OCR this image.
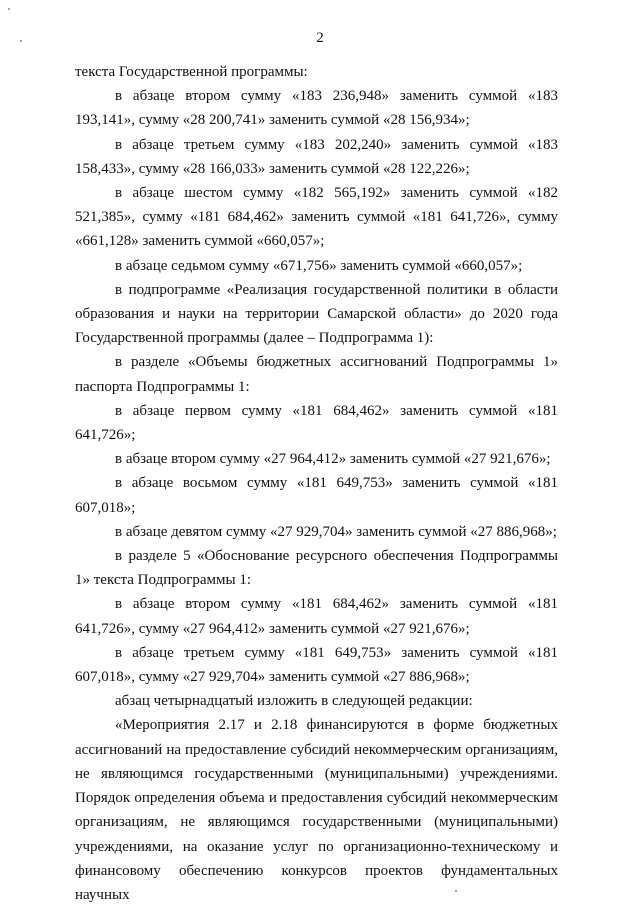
2

текста Государственной программы:

в абзаце втором сумму «183 236,948» заменить суммой «183 193,141», сумму «28 200,741» заменить суммой «28 156,934»;

в абзаце третьем сумму «183 202,240» заменить суммой «183 158,433», сумму «28 166,033» заменить суммой «28 122,226»;

в абзаце шестом сумму «182 565,192» заменить суммой «182 521,385», сумму «181 684,462» заменить суммой «181 641,726», сумму «661,128» заменить суммой «660,057»;

в абзаце седьмом сумму «671,756» заменить суммой «660,057»;

в подпрограмме «Реализация государственной политики в области образования и науки на территории Самарской области» до 2020 года Государственной программы (далее – Подпрограмма 1):

в разделе «Объемы бюджетных ассигнований Подпрограммы 1» паспорта Подпрограммы 1:

в абзаце первом сумму «181 684,462» заменить суммой «181 641,726»;

в абзаце втором сумму «27 964,412» заменить суммой «27 921,676»;

в абзаце восьмом сумму «181 649,753» заменить суммой «181 607,018»;

в абзаце девятом сумму «27 929,704» заменить суммой «27 886,968»;

в разделе 5 «Обоснование ресурсного обеспечения Подпрограммы 1» текста Подпрограммы 1:

в абзаце втором сумму «181 684,462» заменить суммой «181 641,726», сумму «27 964,412» заменить суммой «27 921,676»;

в абзаце третьем сумму «181 649,753» заменить суммой «181 607,018», сумму «27 929,704» заменить суммой «27 886,968»;

абзац четырнадцатый изложить в следующей редакции:

«Мероприятия 2.17 и 2.18 финансируются в форме бюджетных ассигнований на предоставление субсидий некоммерческим организациям, не являющимся государственными (муниципальными) учреждениями. Порядок определения объема и предоставления субсидий некоммерческим организациям, не являющимся государственными (муниципальными) учреждениями, на оказание услуг по организационно-техническому и финансовому обеспечению конкурсов проектов фундаментальных научных
